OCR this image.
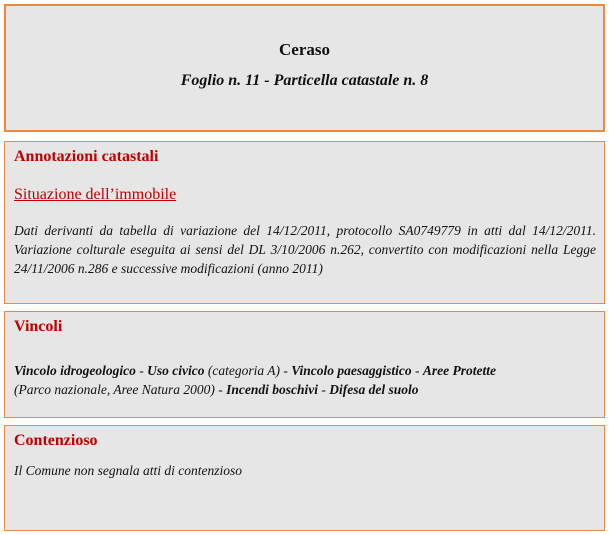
Ceraso
Foglio n. 11 - Particella catastale n. 8
Annotazioni catastali
Situazione dell’immobile
Dati derivanti da tabella di variazione del 14/12/2011, protocollo SA0749779 in atti dal 14/12/2011. Variazione colturale eseguita ai sensi del DL 3/10/2006 n.262, convertito con modificazioni nella Legge 24/11/2006 n.286 e successive modificazioni (anno 2011)
Vincoli
Vincolo idrogeologico - Uso civico (categoria A) - Vincolo paesaggistico - Aree Protette
(Parco nazionale, Aree Natura 2000) - Incendi boschivi - Difesa del suolo
Contenzioso
Il Comune non segnala atti di contenzioso
